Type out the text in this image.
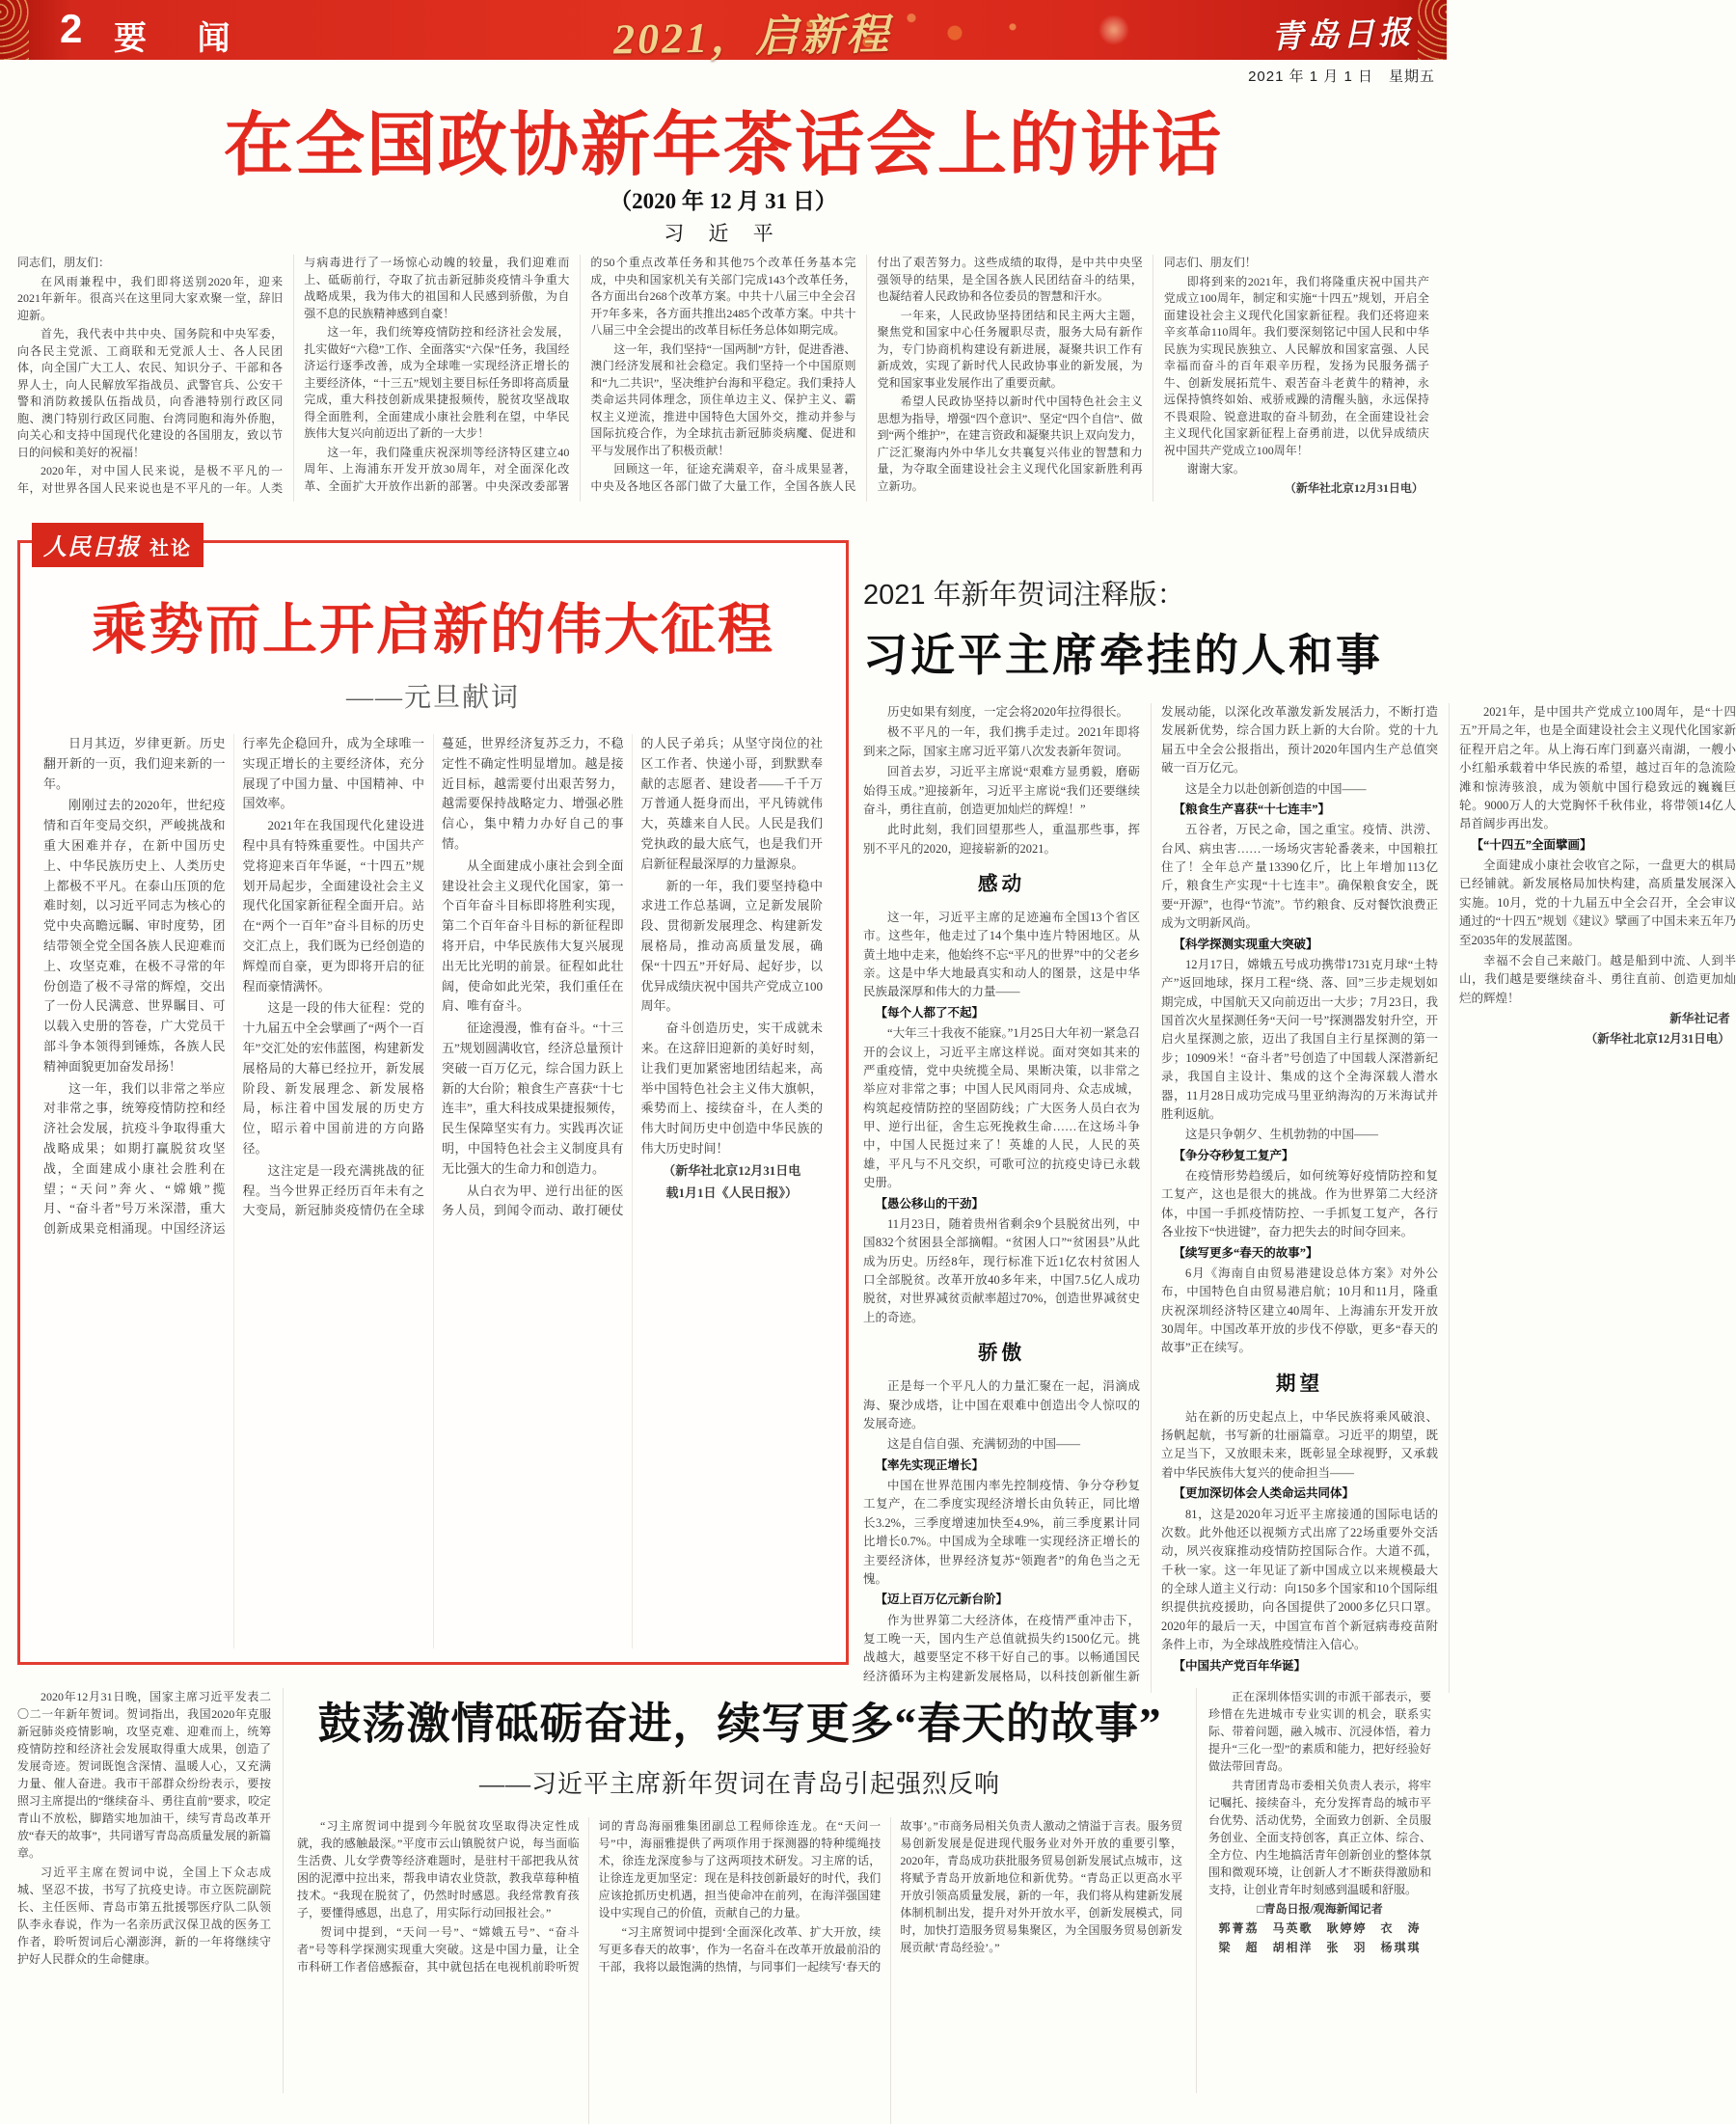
2 要 闻	2021，启新程	青岛日报
2021 年 1 月 1 日　星期五
在全国政协新年茶话会上的讲话
（2020 年 12 月 31 日）
习 近 平

同志们，朋友们：

在风雨兼程中，我们即将送别2020年，迎来2021年新年。很高兴在这里同大家欢聚一堂，辞旧迎新。

首先，我代表中共中央、国务院和中央军委，向各民主党派、工商联和无党派人士、各人民团体，向全国广大工人、农民、知识分子、干部和各界人士，向人民解放军指战员、武警官兵、公安干警和消防救援队伍指战员，向香港特别行政区同胞、澳门特别行政区同胞、台湾同胞和海外侨胞，向关心和支持中国现代化建设的各国朋友，致以节日的问候和美好的祝福！

2020年，对中国人民来说，是极不平凡的一年，对世界各国人民来说也是不平凡的一年。人类与病毒进行了一场惊心动魄的较量，我们迎难而上、砥砺前行，夺取了抗击新冠肺炎疫情斗争重大战略成果，我为伟大的祖国和人民感到骄傲，为自强不息的民族精神感到自豪！

这一年，我们统筹疫情防控和经济社会发展，扎实做好“六稳”工作、全面落实“六保”任务，我国经济运行逐季改善，成为全球唯一实现经济正增长的主要经济体，“十三五”规划主要目标任务即将高质量完成，重大科技创新成果捷报频传，脱贫攻坚战取得全面胜利，全面建成小康社会胜利在望，中华民族伟大复兴向前迈出了新的一大步！

这一年，我们隆重庆祝深圳等经济特区建立40周年、上海浦东开发开放30周年，对全面深化改革、全面扩大开放作出新的部署。中央深改委部署的50个重点改革任务和其他75个改革任务基本完成，中央和国家机关有关部门完成143个改革任务，各方面出台268个改革方案。中共十八届三中全会召开7年多来，各方面共推出2485个改革方案。中共十八届三中全会提出的改革目标任务总体如期完成。

这一年，我们坚持“一国两制”方针，促进香港、澳门经济发展和社会稳定。我们坚持一个中国原则和“九二共识”，坚决维护台海和平稳定。我们秉持人类命运共同体理念，顶住单边主义、保护主义、霸权主义逆流，推进中国特色大国外交，推动并参与国际抗疫合作，为全球抗击新冠肺炎病魔、促进和平与发展作出了积极贡献！

回顾这一年，征途充满艰辛，奋斗成果显著，中央及各地区各部门做了大量工作，全国各族人民付出了艰苦努力。这些成绩的取得，是中共中央坚强领导的结果，是全国各族人民团结奋斗的结果，也凝结着人民政协和各位委员的智慧和汗水。

一年来，人民政协坚持团结和民主两大主题，聚焦党和国家中心任务履职尽责，服务大局有新作为，专门协商机构建设有新进展，凝聚共识工作有新成效，实现了新时代人民政协事业的新发展，为党和国家事业发展作出了重要贡献。

希望人民政协坚持以新时代中国特色社会主义思想为指导，增强“四个意识”、坚定“四个自信”、做到“两个维护”，在建言资政和凝聚共识上双向发力，广泛汇聚海内外中华儿女共襄复兴伟业的智慧和力量，为夺取全面建设社会主义现代化国家新胜利再立新功。

同志们、朋友们！

即将到来的2021年，我们将隆重庆祝中国共产党成立100周年，制定和实施“十四五”规划，开启全面建设社会主义现代化国家新征程。我们还将迎来辛亥革命110周年。我们要深刻铭记中国人民和中华民族为实现民族独立、人民解放和国家富强、人民幸福而奋斗的百年艰辛历程，发扬为民服务孺子牛、创新发展拓荒牛、艰苦奋斗老黄牛的精神，永远保持慎终如始、戒骄戒躁的清醒头脑，永远保持不畏艰险、锐意进取的奋斗韧劲，在全面建设社会主义现代化国家新征程上奋勇前进，以优异成绩庆祝中国共产党成立100周年！

谢谢大家。

（新华社北京12月31日电）

人民日报 社论
乘势而上开启新的伟大征程
——元旦献词

日月其迈，岁律更新。历史翻开新的一页，我们迎来新的一年。

刚刚过去的2020年，世纪疫情和百年变局交织，严峻挑战和重大困难并存，在新中国历史上、中华民族历史上、人类历史上都极不平凡。在泰山压顶的危难时刻，以习近平同志为核心的党中央高瞻远瞩、审时度势，团结带领全党全国各族人民迎难而上、攻坚克难，在极不寻常的年份创造了极不寻常的辉煌，交出了一份人民满意、世界瞩目、可以载入史册的答卷，广大党员干部斗争本领得到锤炼，各族人民精神面貌更加奋发昂扬！

这一年，我们以非常之举应对非常之事，统筹疫情防控和经济社会发展，抗疫斗争取得重大战略成果；如期打赢脱贫攻坚战，全面建成小康社会胜利在望；“天问”奔火、“嫦娥”揽月、“奋斗者”号万米深潜，重大创新成果竞相涌现。中国经济运行率先企稳回升，成为全球唯一实现正增长的主要经济体，充分展现了中国力量、中国精神、中国效率。

2021年在我国现代化建设进程中具有特殊重要性。中国共产党将迎来百年华诞，“十四五”规划开局起步，全面建设社会主义现代化国家新征程全面开启。站在“两个一百年”奋斗目标的历史交汇点上，我们既为已经创造的辉煌而自豪，更为即将开启的征程而豪情满怀。

这是一段的伟大征程：党的十九届五中全会擘画了“两个一百年”交汇处的宏伟蓝图，构建新发展格局的大幕已经拉开，新发展阶段、新发展理念、新发展格局，标注着中国发展的历史方位，昭示着中国前进的方向路径。

这注定是一段充满挑战的征程。当今世界正经历百年未有之大变局，新冠肺炎疫情仍在全球蔓延，世界经济复苏乏力，不稳定性不确定性明显增加。越是接近目标，越需要付出艰苦努力，越需要保持战略定力、增强必胜信心，集中精力办好自己的事情。

从全面建成小康社会到全面建设社会主义现代化国家，第一个百年奋斗目标即将胜利实现，第二个百年奋斗目标的新征程即将开启，中华民族伟大复兴展现出无比光明的前景。征程如此壮阔，使命如此光荣，我们重任在肩、唯有奋斗。

征途漫漫，惟有奋斗。“十三五”规划圆满收官，经济总量预计突破一百万亿元，综合国力跃上新的大台阶；粮食生产喜获“十七连丰”，重大科技成果捷报频传，民生保障坚实有力。实践再次证明，中国特色社会主义制度具有无比强大的生命力和创造力。

从白衣为甲、逆行出征的医务人员，到闻令而动、敢打硬仗的人民子弟兵；从坚守岗位的社区工作者、快递小哥，到默默奉献的志愿者、建设者——千千万万普通人挺身而出，平凡铸就伟大，英雄来自人民。人民是我们党执政的最大底气，也是我们开启新征程最深厚的力量源泉。

新的一年，我们要坚持稳中求进工作总基调，立足新发展阶段、贯彻新发展理念、构建新发展格局，推动高质量发展，确保“十四五”开好局、起好步，以优异成绩庆祝中国共产党成立100周年。

奋斗创造历史，实干成就未来。在这辞旧迎新的美好时刻，让我们更加紧密地团结起来，高举中国特色社会主义伟大旗帜，乘势而上、接续奋斗，在人类的伟大时间历史中创造中华民族的伟大历史时间！

（新华社北京12月31日电

载1月1日《人民日报》）

2021 年新年贺词注释版：
习近平主席牵挂的人和事

历史如果有刻度，一定会将2020年拉得很长。

极不平凡的一年，我们携手走过。2021年即将到来之际，国家主席习近平第八次发表新年贺词。

回首去岁，习近平主席说“艰难方显勇毅，磨砺始得玉成。”迎接新年，习近平主席说“我们还要继续奋斗，勇往直前，创造更加灿烂的辉煌！”

此时此刻，我们回望那些人，重温那些事，挥别不平凡的2020，迎接崭新的2021。

感动

这一年，习近平主席的足迹遍布全国13个省区市。这些年，他走过了14个集中连片特困地区。从黄土地中走来，他始终不忘“平凡的世界”中的父老乡亲。这是中华大地最真实和动人的图景，这是中华民族最深厚和伟大的力量——

【每个人都了不起】

“大年三十我夜不能寐。”1月25日大年初一紧急召开的会议上，习近平主席这样说。面对突如其来的严重疫情，党中央统揽全局、果断决策，以非常之举应对非常之事；中国人民风雨同舟、众志成城，构筑起疫情防控的坚固防线；广大医务人员白衣为甲、逆行出征，舍生忘死挽救生命……在这场斗争中，中国人民挺过来了！英雄的人民，人民的英雄，平凡与不凡交织，可歌可泣的抗疫史诗已永载史册。

【愚公移山的干劲】

11月23日，随着贵州省剩余9个县脱贫出列，中国832个贫困县全部摘帽。“贫困人口”“贫困县”从此成为历史。历经8年，现行标准下近1亿农村贫困人口全部脱贫。改革开放40多年来，中国7.5亿人成功脱贫，对世界减贫贡献率超过70%，创造世界减贫史上的奇迹。

骄傲

正是每一个平凡人的力量汇聚在一起，涓滴成海、聚沙成塔，让中国在艰难中创造出令人惊叹的发展奇迹。

这是自信自强、充满韧劲的中国——

【率先实现正增长】

中国在世界范围内率先控制疫情、争分夺秒复工复产，在二季度实现经济增长由负转正，同比增长3.2%，三季度增速加快至4.9%，前三季度累计同比增长0.7%。中国成为全球唯一实现经济正增长的主要经济体，世界经济复苏“领跑者”的角色当之无愧。

【迈上百万亿元新台阶】

作为世界第二大经济体，在疫情严重冲击下，复工晚一天，国内生产总值就损失约1500亿元。挑战越大，越要坚定不移干好自己的事。以畅通国民经济循环为主构建新发展格局，以科技创新催生新发展动能，以深化改革激发新发展活力，不断打造发展新优势，综合国力跃上新的大台阶。党的十九届五中全会公报指出，预计2020年国内生产总值突破一百万亿元。

这是全力以赴创新创造的中国——

【粮食生产喜获“十七连丰”】

五谷者，万民之命，国之重宝。疫情、洪涝、台风、病虫害……一场场灾害轮番袭来，中国粮扛住了！全年总产量13390亿斤，比上年增加113亿斤，粮食生产实现“十七连丰”。确保粮食安全，既要“开源”，也得“节流”。节约粮食、反对餐饮浪费正成为文明新风尚。

【科学探测实现重大突破】

12月17日，嫦娥五号成功携带1731克月球“土特产”返回地球，探月工程“绕、落、回”三步走规划如期完成，中国航天又向前迈出一大步；7月23日，我国首次火星探测任务“天问一号”探测器发射升空，开启火星探测之旅，迈出了我国自主行星探测的第一步；10909米！“奋斗者”号创造了中国载人深潜新纪录，我国自主设计、集成的这个全海深载人潜水器，11月28日成功完成马里亚纳海沟的万米海试并胜利返航。

这是只争朝夕、生机勃勃的中国——

【争分夺秒复工复产】

在疫情形势趋缓后，如何统筹好疫情防控和复工复产，这也是很大的挑战。作为世界第二大经济体，中国一手抓疫情防控、一手抓复工复产，各行各业按下“快进键”，奋力把失去的时间夺回来。

【续写更多“春天的故事”】

6月《海南自由贸易港建设总体方案》对外公布，中国特色自由贸易港启航；10月和11月，隆重庆祝深圳经济特区建立40周年、上海浦东开发开放30周年。中国改革开放的步伐不停歇，更多“春天的故事”正在续写。

期望

站在新的历史起点上，中华民族将乘风破浪、扬帆起航，书写新的壮丽篇章。习近平的期望，既立足当下，又放眼未来，既彰显全球视野，又承载着中华民族伟大复兴的使命担当——

【更加深切体会人类命运共同体】

81，这是2020年习近平主席接通的国际电话的次数。此外他还以视频方式出席了22场重要外交活动，夙兴夜寐推动疫情防控国际合作。大道不孤，千秋一家。这一年见证了新中国成立以来规模最大的全球人道主义行动：向150多个国家和10个国际组织提供抗疫援助，向各国提供了2000多亿只口罩。2020年的最后一天，中国宣布首个新冠病毒疫苗附条件上市，为全球战胜疫情注入信心。

【中国共产党百年华诞】

2021年，是中国共产党成立100周年，是“十四五”开局之年，也是全面建设社会主义现代化国家新征程开启之年。从上海石库门到嘉兴南湖，一艘小小红船承载着中华民族的希望，越过百年的急流险滩和惊涛骇浪，成为领航中国行稳致远的巍巍巨轮。9000万人的大党胸怀千秋伟业，将带领14亿人昂首阔步再出发。

【“十四五”全面擘画】

全面建成小康社会收官之际，一盘更大的棋局已经铺就。新发展格局加快构建，高质量发展深入实施。10月，党的十九届五中全会召开，全会审议通过的“十四五”规划《建议》擘画了中国未来五年乃至2035年的发展蓝图。

幸福不会自己来敲门。越是船到中流、人到半山，我们越是要继续奋斗、勇往直前、创造更加灿烂的辉煌！

新华社记者

（新华社北京12月31日电）

2020年12月31日晚，国家主席习近平发表二〇二一年新年贺词。贺词指出，我国2020年克服新冠肺炎疫情影响，攻坚克难、迎难而上，统筹疫情防控和经济社会发展取得重大成果，创造了发展奇迹。贺词既饱含深情、温暖人心，又充满力量、催人奋进。我市干部群众纷纷表示，要按照习主席提出的“继续奋斗、勇往直前”要求，咬定青山不放松，脚踏实地加油干，续写青岛改革开放“春天的故事”，共同谱写青岛高质量发展的新篇章。

习近平主席在贺词中说，全国上下众志成城、坚忍不拔，书写了抗疫史诗。市立医院副院长、主任医师、青岛市第五批援鄂医疗队二队领队李永春说，作为一名亲历武汉保卫战的医务工作者，聆听贺词后心潮澎湃，新的一年将继续守护好人民群众的生命健康。

鼓荡激情砥砺奋进，续写更多“春天的故事”
——习近平主席新年贺词在青岛引起强烈反响

“习主席贺词中提到今年脱贫攻坚取得决定性成就，我的感触最深。”平度市云山镇脱贫户说，每当面临生活费、儿女学费等经济难题时，是驻村干部把我从贫困的泥潭中拉出来，帮我申请农业贷款，教我草莓种植技术。“我现在脱贫了，仍然时时感恩。我经常教育孩子，要懂得感恩，出息了，用实际行动回报社会。”

贺词中提到，“天问一号”、“嫦娥五号”、“奋斗者”号等科学探测实现重大突破。这是中国力量，让全市科研工作者倍感振奋，其中就包括在电视机前聆听贺词的青岛海丽雅集团副总工程师徐连龙。在“天问一号”中，海丽雅提供了两项作用于探测器的特种缆绳技术，徐连龙深度参与了这两项技术研发。习主席的话，让徐连龙更加坚定：现在是科技创新最好的时代，我们应该抢抓历史机遇，担当使命冲在前列，在海洋强国建设中实现自己的价值，贡献自己的力量。

“习主席贺词中提到‘全面深化改革、扩大开放，续写更多春天的故事’，作为一名奋斗在改革开放最前沿的干部，我将以最饱满的热情，与同事们一起续写‘春天的故事’。”市商务局相关负责人激动之情溢于言表。服务贸易创新发展是促进现代服务业对外开放的重要引擎，2020年，青岛成功获批服务贸易创新发展试点城市，这将赋予青岛开放新地位和新优势。“青岛正以更高水平开放引领高质量发展，新的一年，我们将从构建新发展体制机制出发，提升对外开放水平，创新发展模式，同时，加快打造服务贸易集聚区，为全国服务贸易创新发展贡献‘青岛经验’。”

正在深圳体悟实训的市派干部表示，要珍惜在先进城市专业实训的机会，联系实际、带着问题，融入城市、沉浸体悟，着力提升“三化一型”的素质和能力，把好经验好做法带回青岛。

共青团青岛市委相关负责人表示，将牢记嘱托、接续奋斗，充分发挥青岛的城市平台优势、活动优势，全面致力创新、全员服务创业、全面支持创客，真正立体、综合、全方位、内生地搞活青年创新创业的整体氛围和微观环境，让创新人才不断获得激励和支持，让创业青年时刻感到温暖和舒服。

□青岛日报/观海新闻记者

郭菁荔　马英歌　耿婷婷　衣　涛

梁　超　胡相洋　张　羽　杨琪琪
